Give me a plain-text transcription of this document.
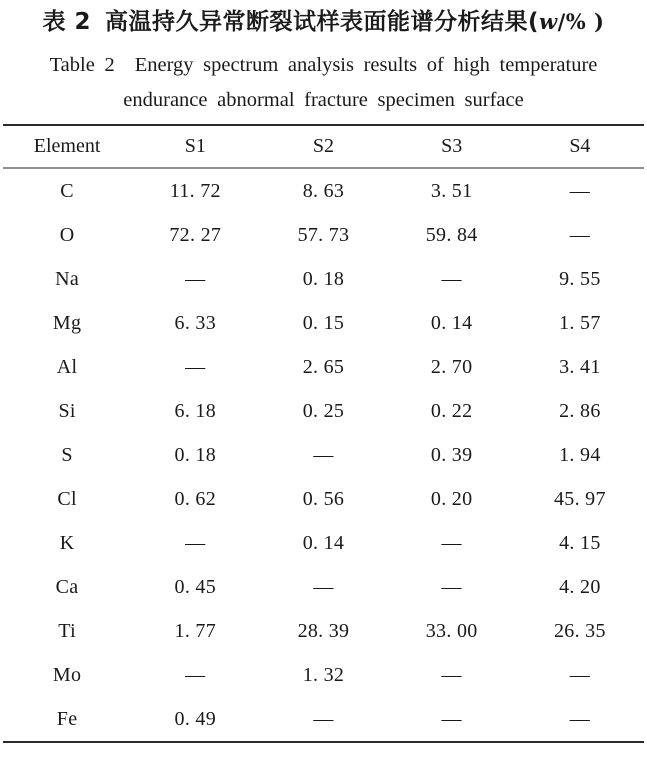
表 2 高温持久异常断裂试样表面能谱分析结果(w/% )
Table 2 Energy spectrum analysis results of high temperature
endurance abnormal fracture specimen surface
Element	S1	S2	S3	S4
C	11. 72	8. 63	3. 51	—
O	72. 27	57. 73	59. 84	—
Na	—	0. 18	—	9. 55
Mg	6. 33	0. 15	0. 14	1. 57
Al	—	2. 65	2. 70	3. 41
Si	6. 18	0. 25	0. 22	2. 86
S	0. 18	—	0. 39	1. 94
Cl	0. 62	0. 56	0. 20	45. 97
K	—	0. 14	—	4. 15
Ca	0. 45	—	—	4. 20
Ti	1. 77	28. 39	33. 00	26. 35
Mo	—	1. 32	—	—
Fe	0. 49	—	—	—
